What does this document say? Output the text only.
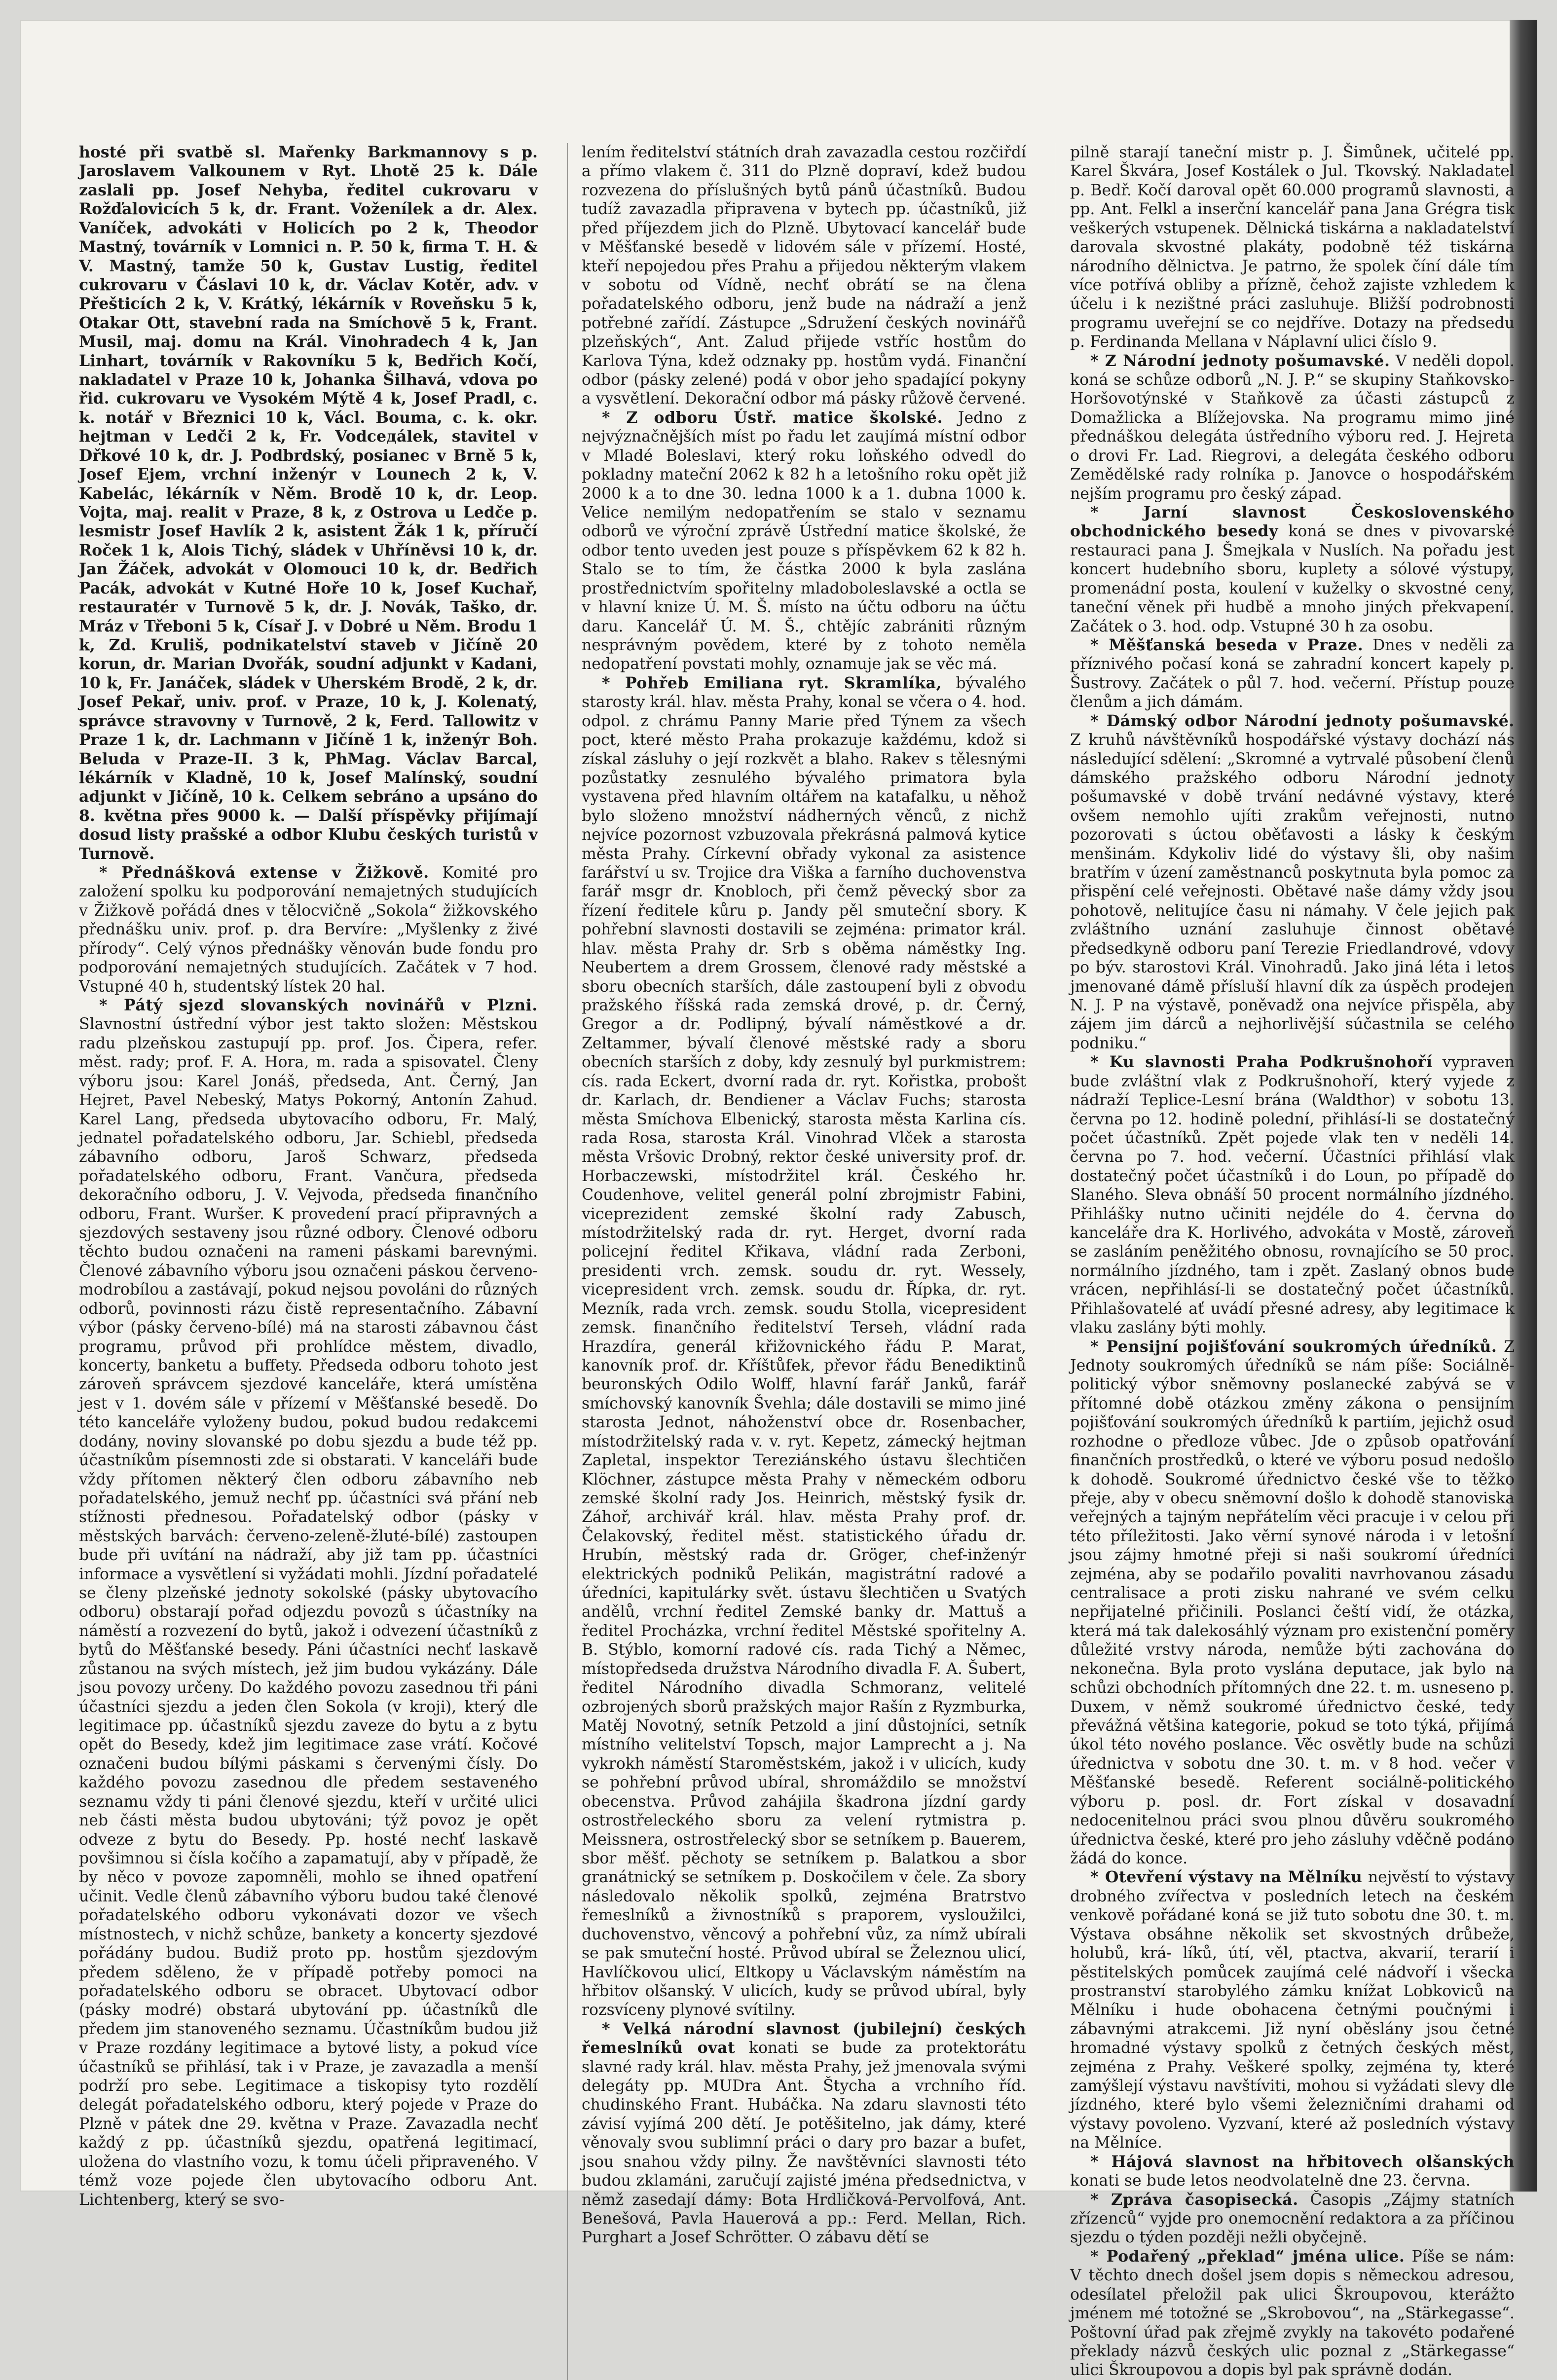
hosté při svatbě sl. Mařenky Barkmannovy s p. Jaroslavem Valkounem v Ryt. Lhotě 25 k. Dále zaslali pp. Josef Nehyba, ředitel cukrovaru v Rožďalovicích 5 k, dr. Frant. Voženílek a dr. Alex. Vaníček, advokáti v Holicích po 2 k, Theodor Mastný, továrník v Lomnici n. P. 50 k, firma T. H. & V. Mastný, tamže 50 k, Gustav Lustig, ředitel cukrovaru v Čáslavi 10 k, dr. Václav Kotěr, adv. v Přešticích 2 k, V. Krátký, lékárník v Roveňsku 5 k, Otakar Ott, stavební rada na Smíchově 5 k, Frant. Musil, maj. domu na Král. Vinohradech 4 k, Jan Linhart, továrník v Rakovníku 5 k, Bedřich Kočí, nakladatel v Praze 10 k, Johanka Šilhavá, vdova po řid. cukrovaru ve Vysokém Mýtě 4 k, Josef Pradl, c. k. notář v Březnici 10 k, Václ. Bouma, c. k. okr. hejtman v Ledči 2 k, Fr. Vodседálek, stavitel v Dřkové 10 k, dr. J. Podbrdský, posianec v Brně 5 k, Josef Ejem, vrchní inženýr v Lounech 2 k, V. Kabelác, lékárník v Něm. Brodě 10 k, dr. Leop. Vojta, maj. realit v Praze, 8 k, z Ostrova u Ledče p. lesmistr Josef Havlík 2 k, asistent Žák 1 k, příručí Roček 1 k, Alois Tichý, sládek v Uhříněvsi 10 k, dr. Jan Žáček, advokát v Olomouci 10 k, dr. Bedřich Pacák, advokát v Kutné Hoře 10 k, Josef Kuchař, restauratér v Turnově 5 k, dr. J. Novák, Taško, dr. Mráz v Třeboni 5 k, Císař J. v Dobré u Něm. Brodu 1 k, Zd. Kruliš, podnikatelství staveb v Jičíně 20 korun, dr. Marian Dvořák, soudní adjunkt v Kadani, 10 k, Fr. Janáček, sládek v Uherském Brodě, 2 k, dr. Josef Pekař, univ. prof. v Praze, 10 k, J. Kolenatý, správce stravovny v Turnově, 2 k, Ferd. Tallowitz v Praze 1 k, dr. Lachmann v Jičíně 1 k, inženýr Boh. Beluda v Praze-II. 3 k, PhMag. Václav Barcal, lékárník v Kladně, 10 k, Josef Malínský, soudní adjunkt v Jičíně, 10 k. Celkem sebráno a upsáno do 8. května přes 9000 k. — Další příspěvky přijímají dosud listy prašské a odbor Klubu českých turistů v Turnově.

* Přednášková extense v Žižkově. Komité pro založení spolku ku podporování nemajetných studujících v Žižkově pořádá dnes v tělocvičně „Sokola“ žižkovského přednášku univ. prof. p. dra Bervíre: „Myšlenky z živé přírody“. Celý výnos přednášky věnován bude fondu pro podporování nemajetných studujících. Začátek v 7 hod. Vstupné 40 h, studentský lístek 20 hal.

* Pátý sjezd slovanských novinářů v Plzni. Slavnostní ústřední výbor jest takto složen: Městskou radu plzeňskou zastupují pp. prof. Jos. Čipera, refer. měst. rady; prof. F. A. Hora, m. rada a spisovatel. Členy výboru jsou: Karel Jonáš, předseda, Ant. Černý, Jan Hejret, Pavel Nebeský, Matys Pokorný, Antonín Zahud. Karel Lang, předseda ubytovacího odboru, Fr. Malý, jednatel pořadatelského odboru, Jar. Schiebl, předseda zábavního odboru, Jaroš Schwarz, předseda pořadatelského odboru, Frant. Vančura, předseda dekoračního odboru, J. V. Vejvoda, předseda finančního odboru, Frant. Wuršer. K provedení prací připravných a sjezdových sestaveny jsou různé odbory. Členové odboru těchto budou označeni na rameni páskami barevnými. Členové zábavního výboru jsou označeni páskou červeno-modrobílou a zastávají, pokud nejsou povoláni do různých odborů, povinnosti rázu čistě representačního. Zábavní výbor (pásky červeno-bílé) má na starosti zábavnou část programu, průvod při prohlídce městem, divadlo, koncerty, banketu a buffety. Předseda odboru tohoto jest zároveň správcem sjezdové kanceláře, která umístěna jest v 1. dovém sále v přízemí v Měšťanské besedě. Do této kanceláře vyloženy budou, pokud budou redakcemi dodány, noviny slovanské po dobu sjezdu a bude též pp. účastníkům písemnosti zde si obstarati. V kanceláři bude vždy přítomen některý člen odboru zábavního neb pořadatelského, jemuž nechť pp. účastníci svá přání neb stížnosti přednesou. Pořadatelský odbor (pásky v městských barvách: červeno-zeleně-žluté-bílé) zastoupen bude při uvítání na nádraží, aby již tam pp. účastníci informace a vysvětlení si vyžádati mohli. Jízdní pořadatelé se členy plzeňské jednoty sokolské (pásky ubytovacího odboru) obstarají pořad odjezdu povozů s účastníky na náměstí a rozvezení do bytů, jakož i odvezení účastníků z bytů do Měšťanské besedy. Páni účastníci nechť laskavě zůstanou na svých místech, jež jim budou vykázány. Dále jsou povozy určeny. Do každého povozu zasednou tři páni účastníci sjezdu a jeden člen Sokola (v kroji), který dle legitimace pp. účastníků sjezdu zaveze do bytu a z bytu opět do Besedy, kdež jim legitimace zase vrátí. Kočové označeni budou bílými páskami s červenými čísly. Do každého povozu zasednou dle předem sestaveného seznamu vždy ti páni členové sjezdu, kteří v určité ulici neb části města budou ubytováni; týž povoz je opět odveze z bytu do Besedy. Pp. hosté nechť laskavě povšimnou si čísla kočího a zapamatují, aby v případě, že by něco v povoze zapomněli, mohlo se ihned opatření učinit. Vedle členů zábavního výboru budou také členové pořadatelského odboru vykonávati dozor ve všech místnostech, v nichž schůze, bankety a koncerty sjezdové pořádány budou. Budiž proto pp. hostům sjezdovým předem sděleno, že v případě potřeby pomoci na pořadatelského odboru se obracet. Ubytovací odbor (pásky modré) obstará ubytování pp. účastníků dle předem jim stanoveného seznamu. Účastníkům budou již v Praze rozdány legitimace a bytové listy, a pokud více účastníků se přihlásí, tak i v Praze, je zavazadla a menší podrží pro sebe. Legitimace a tiskopisy tyto rozdělí delegát pořadatelského odboru, který pojede v Praze do Plzně v pátek dne 29. května v Praze. Zavazadla nechť každý z pp. účastníků sjezdu, opatřená legitimací, uložena do vlastního vozu, k tomu účeli připraveného. V témž voze pojede člen ubytovacího odboru Ant. Lichtenberg, který se svo-

lením ředitelství státních drah zavazadla cestou rozčiřdí a přímo vlakem č. 311 do Plzně dopraví, kdež budou rozvezena do příslušných bytů pánů účastníků. Budou tudíž zavazadla připravena v bytech pp. účastníků, již před příjezdem jich do Plzně. Ubytovací kancelář bude v Měšťanské besedě v lidovém sále v přízemí. Hosté, kteří nepojedou přes Prahu a přijedou některým vlakem v sobotu od Vídně, nechť obrátí se na člena pořadatelského odboru, jenž bude na nádraží a jenž potřebné zařídí. Zástupce „Sdružení českých novinářů plzeňských“, Ant. Zalud přijede vstříc hostům do Karlova Týna, kdež odznaky pp. hostům vydá. Finanční odbor (pásky zelené) podá v obor jeho spadající pokyny a vysvětlení. Dekorační odbor má pásky růžově červené.

* Z odboru Ústř. matice školské. Jedno z nejvýznačnějších míst po řadu let zaujímá místní odbor v Mladé Boleslavi, který roku loňského odvedl do pokladny mateční 2062 k 82 h a letošního roku opět již 2000 k a to dne 30. ledna 1000 k a 1. dubna 1000 k. Velice nemilým nedopatřením se stalo v seznamu odborů ve výroční zprávě Ústřední matice školské, že odbor tento uveden jest pouze s příspěvkem 62 k 82 h. Stalo se to tím, že částka 2000 k byla zaslána prostřednictvím spořitelny mladoboleslavské a octla se v hlavní knize Ú. M. Š. místo na účtu odboru na účtu daru. Kancelář Ú. M. Š., chtějíc zabrániti různým nesprávným povědem, které by z tohoto neměla nedopatření povstati mohly, oznamuje jak se věc má.

* Pohřeb Emiliana ryt. Skramlíka, bývalého starosty král. hlav. města Prahy, konal se včera o 4. hod. odpol. z chrámu Panny Marie před Týnem za všech poct, které město Praha prokazuje každému, kdož si získal zásluhy o její rozkvět a blaho. Rakev s tělesnými pozůstatky zesnulého bývalého primatora byla vystavena před hlavním oltářem na katafalku, u něhož bylo složeno množství nádherných věnců, z nichž nejvíce pozornost vzbuzovala překrásná palmová kytice města Prahy. Církevní obřady vykonal za asistence farářství u sv. Trojice dra Viška a farního duchovenstva farář msgr dr. Knobloch, při čemž pěvecký sbor za řízení ředitele kůru p. Jandy pěl smuteční sbory. K pohřební slavnosti dostavili se zejména: primator král. hlav. města Prahy dr. Srb s oběma náměstky Ing. Neubertem a drem Grossem, členové rady městské a sboru obecních starších, dále zastoupení byli z obvodu pražského říšská rada zemská drové, p. dr. Černý, Gregor a dr. Podlipný, bývalí náměstkové a dr. Zeltammer, bývalí členové městské rady a sboru obecních starších z doby, kdy zesnulý byl purkmistrem: cís. rada Eckert, dvorní rada dr. ryt. Kořistka, probošt dr. Karlach, dr. Bendiener a Václav Fuchs; starosta města Smíchova Elbenický, starosta města Karlina cís. rada Rosa, starosta Král. Vinohrad Vlček a starosta města Vršovic Drobný, rektor české university prof. dr. Horbaczewski, místodržitel král. Českého hr. Coudenhove, velitel generál polní zbrojmistr Fabini, viceprezident zemské školní rady Zabusch, místodržitelský rada dr. ryt. Herget, dvorní rada policejní ředitel Křikava, vládní rada Zerboni, presidenti vrch. zemsk. soudu dr. ryt. Wessely, vicepresident vrch. zemsk. soudu dr. Řípka, dr. ryt. Mezník, rada vrch. zemsk. soudu Stolla, vicepresident zemsk. finančního ředitelství Terseh, vládní rada Hrazdíra, generál křižovnického řádu P. Marat, kanovník prof. dr. Kříštůfek, převor řádu Benediktinů beuronských Odilo Wolff, hlavní farář Janků, farář smíchovský kanovník Švehla; dále dostavili se mimo jiné starosta Jednot, náhoženství obce dr. Rosenbacher, místodržitelský rada v. v. ryt. Kepetz, zámecký hejtman Zapletal, inspektor Tereziánského ústavu šlechtičen Klöchner, zástupce města Prahy v německém odboru zemské školní rady Jos. Heinrich, městský fysik dr. Záhoř, archivář král. hlav. města Prahy prof. dr. Čelakovský, ředitel měst. statistického úřadu dr. Hrubín, městský rada dr. Gröger, chef-inženýr elektrických podniků Pelikán, magistrátní radové a úředníci, kapitulárky svět. ústavu šlechtičen u Svatých andělů, vrchní ředitel Zemské banky dr. Mattuš a ředitel Procházka, vrchní ředitel Městské spořitelny A. B. Stýblo, komorní radové cís. rada Tichý a Němec, místopředseda družstva Národního divadla F. A. Šubert, ředitel Národního divadla Schmoranz, velitelé ozbrojených sborů pražských major Rašín z Ryzmburka, Matěj Novotný, setník Petzold a jiní důstojníci, setník místního velitelství Topsch, major Lamprecht a j. Na vykrokh náměstí Staroměstském, jakož i v ulicích, kudy se pohřební průvod ubíral, shromáždilo se množství obecenstva. Průvod zahájila škadrona jízdní gardy ostrostřeleckého sboru za velení rytmistra p. Meissnera, ostrostřelecký sbor se setníkem p. Bauerem, sbor měšť. pěchoty se setníkem p. Balatkou a sbor granátnický se setníkem p. Doskočilem v čele. Za sbory následovalo několik spolků, zejména Bratrstvo řemeslníků a živnostníků s praporem, vysloužilci, duchovenstvo, věncový a pohřební vůz, za nímž ubírali se pak smuteční hosté. Průvod ubíral se Železnou ulicí, Havlíčkovou ulicí, Eltkopy u Václavským náměstím na hřbitov olšanský. V ulicích, kudy se průvod ubíral, byly rozsvíceny plynové svítilny.

* Velká národní slavnost (jubilejní) českých řemeslníků ovat konati se bude za protektorátu slavné rady král. hlav. města Prahy, jež jmenovala svými delegáty pp. MUDra Ant. Štycha a vrchního říd. chudinského Frant. Hubáčka. Na zdaru slavnosti této závisí vyjímá 200 dětí. Je potěšitelno, jak dámy, které věnovaly svou sublimní práci o dary pro bazar a bufet, jsou snahou vždy pilny. Že navštěvníci slavnosti této budou zklamáni, zaručují zajisté jména předsednictva, v němž zasedají dámy: Bota Hrdličková-Pervolfová, Ant. Benešová, Pavla Hauerová a pp.: Ferd. Mellan, Rich. Purghart a Josef Schrötter. O zábavu dětí se

pilně starají taneční mistr p. J. Šimůnek, učitelé pp. Karel Škvára, Josef Kostálek o Jul. Tkovský. Nakladatel p. Bedř. Kočí daroval opět 60.000 programů slavnosti, a pp. Ant. Felkl a inserční kancelář pana Jana Grégra tisk veškerých vstupenek. Dělnická tiskárna a nakladatelství darovala skvostné plakáty, podobně též tiskárna národního dělnictva. Je patrno, že spolek číní dále tím více potřívá obliby a přízně, čehož zajiste vzhledem k účelu i k nezištné práci zasluhuje. Bližší podrobnosti programu uveřejní se co nejdříve. Dotazy na předsedu p. Ferdinanda Mellana v Náplavní ulici číslo 9.

* Z Národní jednoty pošumavské. V neděli dopol. koná se schůze odborů „N. J. P.“ se skupiny Staňkovsko-Horšovotýnské v Staňkově za účasti zástupců z Domažlicka a Blížejovska. Na programu mimo jiné přednáškou delegáta ústředního výboru red. J. Hejreta o drovi Fr. Lad. Riegrovi, a delegáta českého odboru Zemědělské rady rolníka p. Janovce o hospodářském nejším programu pro český západ.

* Jarní slavnost Československého obchodnického besedy koná se dnes v pivovarské restauraci pana J. Šmejkala v Nuslích. Na pořadu jest koncert hudebního sboru, kuplety a sólové výstupy, promenádní posta, koulení v kuželky o skvostné ceny, taneční věnek při hudbě a mnoho jiných překvapení. Začátek o 3. hod. odp. Vstupné 30 h za osobu.

* Měšťanská beseda v Praze. Dnes v neděli za příznivého počasí koná se zahradní koncert kapely p. Šustrovy. Začátek o půl 7. hod. večerní. Přístup pouze členům a jich dámám.

* Dámský odbor Národní jednoty pošumavské. Z kruhů návštěvníků hospodářské výstavy dochází nás následující sdělení: „Skromné a vytrvalé působení členů dámského pražského odboru Národní jednoty pošumavské v době trvání nedávné výstavy, které ovšem nemohlo ujíti zrakům veřejnosti, nutno pozorovati s úctou oběťavosti a lásky k českým menšinám. Kdykoliv lidé do výstavy šli, oby našim bratřím v úzení zaměstnanců poskytnuta byla pomoc za přispění celé veřejnosti. Obětavé naše dámy vždy jsou pohotově, nelitujíce času ni námahy. V čele jejich pak zvláštního uznání zasluhuje činnost obětavé předsedkyně odboru paní Terezie Friedlandrové, vdovy po býv. starostovi Král. Vinohradů. Jako jiná léta i letos jmenované dámě přísluší hlavní dík za úspěch prodejen N. J. P na výstavě, poněvadž ona nejvíce přispěla, aby zájem jim dárců a nejhorlivější súčastnila se celého podniku.“

* Ku slavnosti Praha Podkrušnohoří vypraven bude zvláštní vlak z Podkrušnohoří, který vyjede z nádraží Teplice-Lesní brána (Waldthor) v sobotu 13. června po 12. hodině polední, přihlásí-li se dostatečný počet účastníků. Zpět pojede vlak ten v neděli 14. června po 7. hod. večerní. Účastníci přihlásí vlak dostatečný počet účastníků i do Loun, po případě do Slaného. Sleva obnáší 50 procent normálního jízdného. Přihlášky nutno učiniti nejdéle do 4. června do kanceláře dra K. Horlivého, advokáta v Mostě, zároveň se zasláním peněžitého obnosu, rovnajícího se 50 proc. normálního jízdného, tam i zpět. Zaslaný obnos bude vrácen, nepřihlásí-li se dostatečný počet účastníků. Přihlašovatelé ať uvádí přesné adresy, aby legitimace k vlaku zaslány býti mohly.

* Pensijní pojišťování soukromých úředníků. Z Jednoty soukromých úředníků se nám píše: Sociálně-politický výbor sněmovny poslanecké zabývá se v přítomné době otázkou změny zákona o pensijním pojišťování soukromých úředníků k partiím, jejichž osud rozhodne o předloze vůbec. Jde o způsob opatřování finančních prostředků, o které ve výboru posud nedošlo k dohodě. Soukromé úřednictvo české vše to těžko přeje, aby v obecu sněmovní došlo k dohodě stanoviska veřejných a tajným nepřátelím věci pracuje i v celou při této příležitosti. Jako věrní synové národa i v letošní jsou zájmy hmotné přeji si naši soukromí úředníci zejména, aby se podařilo povaliti navrhovanou zásadu centralisace a proti zisku nahrané ve svém celku nepřijatelné přičinili. Poslanci čeští vidí, že otázka, která má tak dalekosáhlý význam pro existenční poměry důležité vrstvy národa, nemůže býti zachována do nekonečna. Byla proto vyslána deputace, jak bylo na schůzi obchodních přítomných dne 22. t. m. usneseno p. Duxem, v němž soukromé úřednictvo české, tedy převážná většina kategorie, pokud se toto týká, přijímá úkol této nového poslance. Věc osvětly bude na schůzi úřednictva v sobotu dne 30. t. m. v 8 hod. večer v Měšťanské besedě. Referent sociálně-politického výboru p. posl. dr. Fort získal v dosavadní nedocenitelnou práci svou plnou důvěru soukromého úřednictva české, které pro jeho zásluhy vděčně podáno žádá do konce.

* Otevření výstavy na Mělníku nejvěstí to výstavy drobného zvířectva v posledních letech na českém venkově pořádané koná se již tuto sobotu dne 30. t. m. Výstava obsáhne několik set skvostných drůbeže, holubů, krá- líků, útí, věl, ptactva, akvarií, terarií i pěstitelských pomůcek zaujímá celé nádvoří i všecka prostranství starobylého zámku knížat Lobkoviců na Mělníku i hude obohacena četnými poučnými i zábavnými atrakcemi. Již nyní oběslány jsou četné hromadné výstavy spolků z četných českých měst, zejména z Prahy. Veškeré spolky, zejména ty, které zamýšlejí výstavu navštíviti, mohou si vyžádati slevy dle jízdného, které bylo všemi železničními drahami od výstavy povoleno. Vyzvaní, které až posledních výstavy na Mělníce.

* Hájová slavnost na hřbitovech olšanských konati se bude letos neodvolatelně dne 23. června.

* Zpráva časopisecká. Časopis „Zájmy statních zřízenců“ vyjde pro onemocnění redaktora a za příčinou sjezdu o týden později nežli obyčejně.

* Podařený „překlad“ jména ulice. Píše se nám: V těchto dnech došel jsem dopis s německou adresou, odesílatel přeložil pak ulici Škroupovou, kterážto jménem mé totožné se „Skrobovou“, na „Stärkegasse“. Poštovní úřad pak zřejmě zvykly na takovéto podařené překlady názvů českých ulic poznal z „Stärkegasse“ ulici Škroupovou a dopis byl pak správně dodán.
